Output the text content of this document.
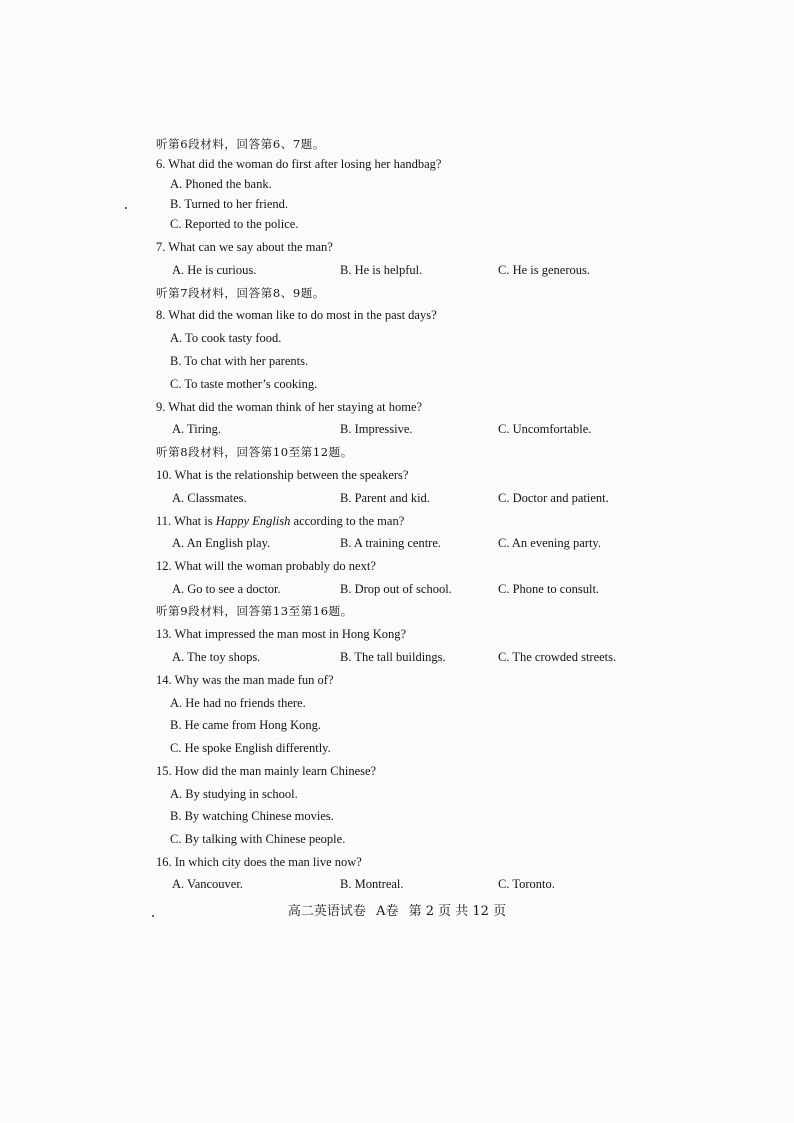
听第6段材料，回答第6、7题。
6. What did the woman do first after losing her handbag?
A. Phoned the bank.
B. Turned to her friend.
C. Reported to the police.
7. What can we say about the man?
A. He is curious.	B. He is helpful.	C. He is generous.
听第7段材料，回答第8、9题。
8. What did the woman like to do most in the past days?
A. To cook tasty food.
B. To chat with her parents.
C. To taste mother’s cooking.
9. What did the woman think of her staying at home?
A. Tiring.	B. Impressive.	C. Uncomfortable.
听第8段材料，回答第10至第12题。
10. What is the relationship between the speakers?
A. Classmates.	B. Parent and kid.	C. Doctor and patient.
11. What is Happy English according to the man?
A. An English play.	B. A training centre.	C. An evening party.
12. What will the woman probably do next?
A. Go to see a doctor.	B. Drop out of school.	C. Phone to consult.
听第9段材料，回答第13至第16题。
13. What impressed the man most in Hong Kong?
A. The toy shops.	B. The tall buildings.	C. The crowded streets.
14. Why was the man made fun of?
A. He had no friends there.
B. He came from Hong Kong.
C. He spoke English differently.
15. How did the man mainly learn Chinese?
A. By studying in school.
B. By watching Chinese movies.
C. By talking with Chinese people.
16. In which city does the man live now?
A. Vancouver.	B. Montreal.	C. Toronto.
高二英语试卷 A卷 第 2 页 共 12 页
